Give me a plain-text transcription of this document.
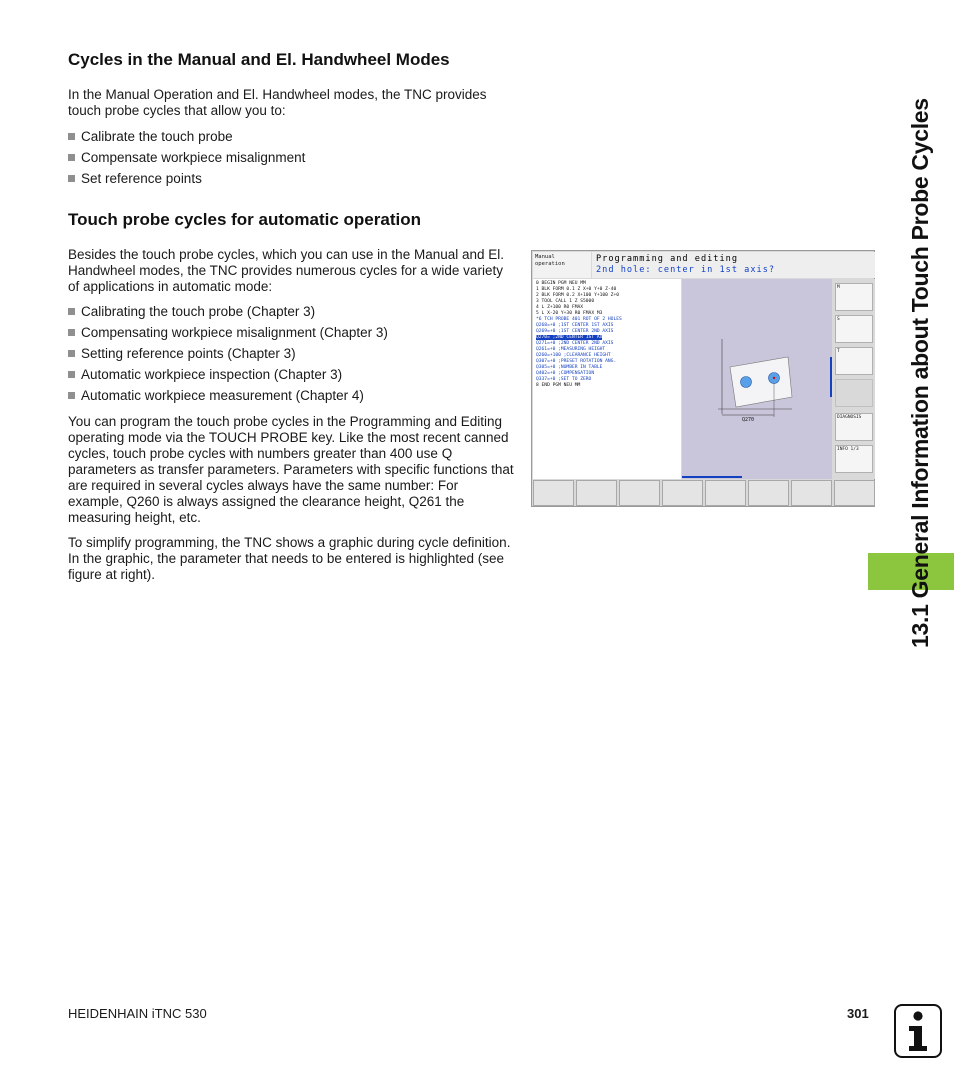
Cycles in the Manual and El. Handwheel Modes

In the Manual Operation and El. Handwheel modes, the TNC provides touch probe cycles that allow you to:

Calibrate the touch probe
Compensate workpiece misalignment
Set reference points
Touch probe cycles for automatic operation

Besides the touch probe cycles, which you can use in the Manual and El. Handwheel modes, the TNC provides numerous cycles for a wide variety of applications in automatic mode:

Calibrating the touch probe (Chapter 3)
Compensating workpiece misalignment (Chapter 3)
Setting reference points (Chapter 3)
Automatic workpiece inspection (Chapter 3)
Automatic workpiece measurement (Chapter 4)

You can program the touch probe cycles in the Programming and Editing operating mode via the TOUCH PROBE key. Like the most recent canned cycles, touch probe cycles with numbers greater than 400 use Q parameters as transfer parameters. Parameters with specific functions that are required in several cycles always have the same number: For example, Q260 is always assigned the clearance height, Q261 the measuring height, etc.

To simplify programming, the TNC shows a graphic during cycle definition. In the graphic, the parameter that needs to be entered is highlighted (see figure at right).

Manual
operation	Programming and editing
2nd hole: center in 1st axis?
0 BEGIN PGM NEU MM
1 BLK FORM 0.1 Z X+0 Y+0 Z-40
2 BLK FORM 0.2 X+100 Y+100 Z+0
3 TOOL CALL 1 Z S5000
4 L Z+100 R0 FMAX
5 L X-20 Y+30 R0 FMAX M3
*6 TCH PROBE 401 ROT OF 2 HOLES
Q268=+0 ;1ST CENTER 1ST AXIS
Q269=+0 ;1ST CENTER 2ND AXIS
Q270= ;2ND CENTER 1ST AX
Q271=+0 ;2ND CENTER 2ND AXIS
Q261=+0 ;MEASURING HEIGHT
Q260=+100 ;CLEARANCE HEIGHT
Q307=+0 ;PRESET ROTATION ANG.
Q305=+0 ;NUMBER IN TABLE
Q402=+0 ;COMPENSATION
Q337=+0 ;SET TO ZERO
8 END PGM NEU MM
Q270
M
S
T
DIAGNOSIS
INFO 1/3	13.1 General Information about Touch Probe Cycles
HEIDENHAIN iTNC 530	301
